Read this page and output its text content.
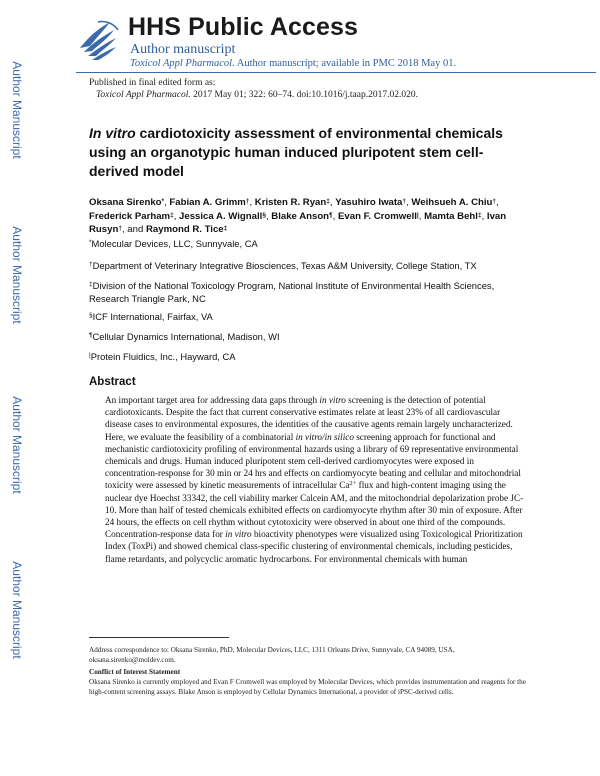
HHS Public Access
Author manuscript
Toxicol Appl Pharmacol. Author manuscript; available in PMC 2018 May 01.
Published in final edited form as:
Toxicol Appl Pharmacol. 2017 May 01; 322: 60–74. doi:10.1016/j.taap.2017.02.020.
Author Manuscript
Author Manuscript
Author Manuscript
Author Manuscript
In vitro cardiotoxicity assessment of environmental chemicals using an organotypic human induced pluripotent stem cell-derived model
Oksana Sirenko*, Fabian A. Grimm†, Kristen R. Ryan‡, Yasuhiro Iwata†, Weihsueh A. Chiu†, Frederick Parham‡, Jessica A. Wignall§, Blake Anson¶, Evan F. Cromwell|, Mamta Behl‡, Ivan Rusyn†, and Raymond R. Tice‡
*Molecular Devices, LLC, Sunnyvale, CA
†Department of Veterinary Integrative Biosciences, Texas A&M University, College Station, TX
‡Division of the National Toxicology Program, National Institute of Environmental Health Sciences, Research Triangle Park, NC
§ICF International, Fairfax, VA
¶Cellular Dynamics International, Madison, WI
|Protein Fluidics, Inc., Hayward, CA
Abstract
An important target area for addressing data gaps through in vitro screening is the detection of potential cardiotoxicants. Despite the fact that current conservative estimates relate at least 23% of all cardiovascular disease cases to environmental exposures, the identities of the causative agents remain largely uncharacterized. Here, we evaluate the feasibility of a combinatorial in vitro/in silico screening approach for functional and mechanistic cardiotoxicity profiling of environmental hazards using a library of 69 representative environmental chemicals and drugs. Human induced pluripotent stem cell-derived cardiomyocytes were exposed in concentration-response for 30 min or 24 hrs and effects on cardiomyocyte beating and cellular and mitochondrial toxicity were assessed by kinetic measurements of intracellular $Ca^{2+}$ flux and high-content imaging using the nuclear dye Hoechst 33342, the cell viability marker Calcein AM, and the mitochondrial depolarization probe JC-10. More than half of tested chemicals exhibited effects on cardiomyocyte rhythm after 30 min of exposure. After 24 hours, the effects on cell rhythm without cytotoxicity were observed in about one third of the compounds. Concentration-response data for in vitro bioactivity phenotypes were visualized using Toxicological Prioritization Index (ToxPi) and showed chemical class-specific clustering of environmental chemicals, including pesticides, flame retardants, and polycyclic aromatic hydrocarbons. For environmental chemicals with human
Address correspondence to: Oksana Sirenko, PhD, Molecular Devices, LLC, 1311 Orleans Drive, Sunnyvale, CA 94089, USA, oksana.sirenko@moldev.com.
Conflict of Interest Statement
Oksana Sirenko is currently employed and Evan F Cromwell was employed by Molecular Devices, which provides instrumentation and reagents for the high-content screening assays. Blake Anson is employed by Cellular Dynamics International, a provider of iPSC-derived cells.
